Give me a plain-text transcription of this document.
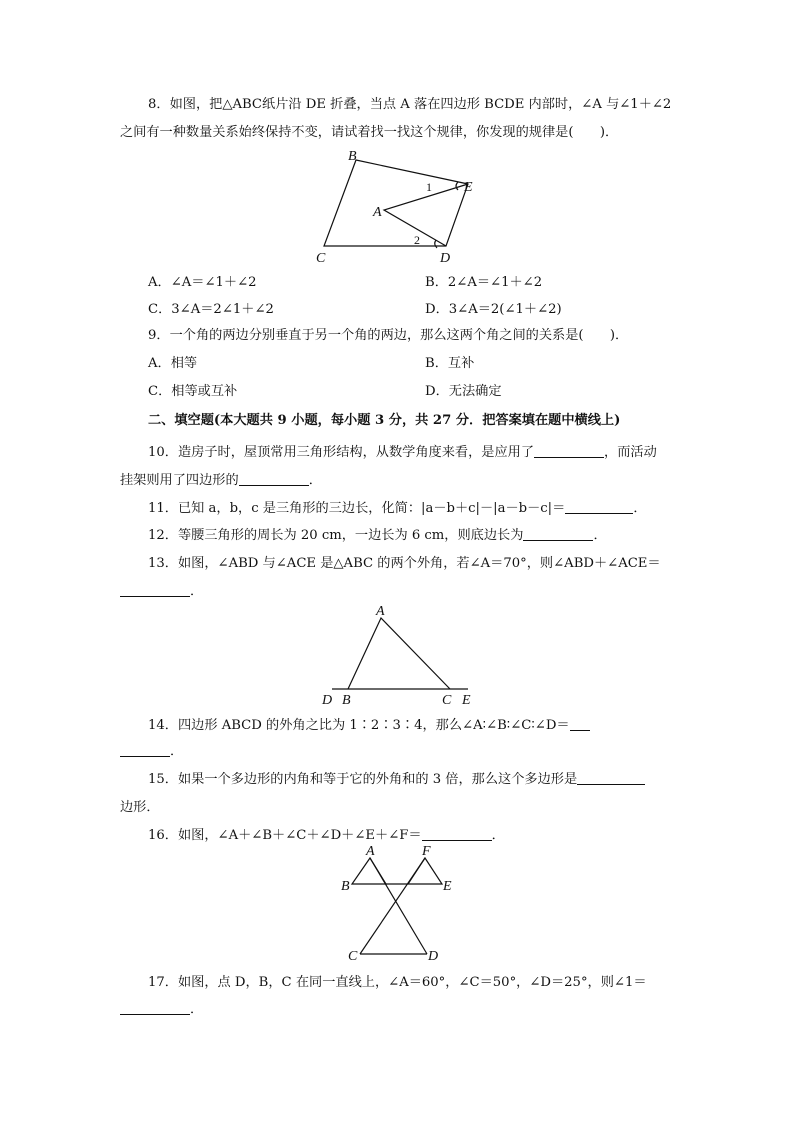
8．如图，把△ABC纸片沿 DE 折叠，当点 A 落在四边形 BCDE 内部时，∠A 与∠1＋∠2
之间有一种数量关系始终保持不变，请试着找一找这个规律，你发现的规律是(　　)．
B
E
A
C	D
1
2
A．∠A＝∠1＋∠2	B．2∠A＝∠1＋∠2
C．3∠A＝2∠1＋∠2	D．3∠A＝2(∠1＋∠2)
9．一个角的两边分别垂直于另一个角的两边，那么这两个角之间的关系是(　　)．
A．相等	B．互补
C．相等或互补	D．无法确定
二、填空题(本大题共 9 小题，每小题 3 分，共 27 分．把答案填在题中横线上)
10．造房子时，屋顶常用三角形结构，从数学角度来看，是应用了	，而活动
挂架则用了四边形的	．
11．已知 a，b，c 是三角形的三边长，化简：|a－b＋c|－|a－b－c|＝	．
12．等腰三角形的周长为 20 cm，一边长为 6 cm，则底边长为	．
13．如图，∠ABD 与∠ACE 是△ABC 的两个外角，若∠A＝70°，则∠ABD＋∠ACE＝
．
A
D B	C E
14．四边形 ABCD 的外角之比为 1∶2∶3∶4，那么∠A∶∠B∶∠C∶∠D＝
．
15．如果一个多边形的内角和等于它的外角和的 3 倍，那么这个多边形是
边形．
16．如图，∠A＋∠B＋∠C＋∠D＋∠E＋∠F＝	．
A	F
B	E
C	D
17．如图，点 D，B，C 在同一直线上，∠A＝60°，∠C＝50°，∠D＝25°，则∠1＝
．
